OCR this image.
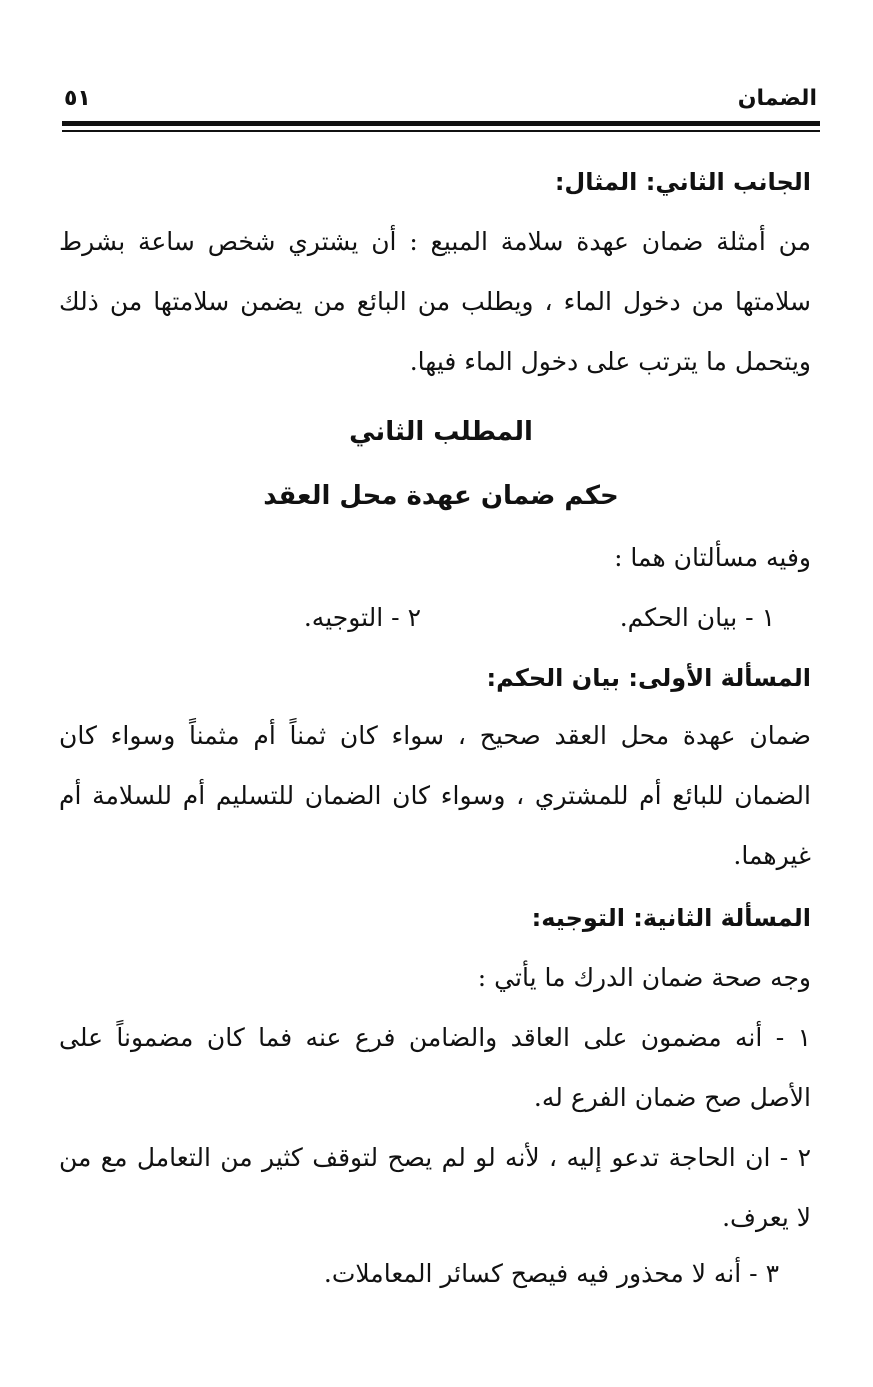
الضمان
٥١
الجانب الثاني: المثال:
من أمثلة ضمان عهدة سلامة المبيع : أن يشتري شخص ساعة بشرط
سلامتها من دخول الماء ، ويطلب من البائع من يضمن سلامتها من ذلك
ويتحمل ما يترتب على دخول الماء فيها.
المطلب الثاني
حكم ضمان عهدة محل العقد
وفيه مسألتان هما :
١ - بيان الحكم.
٢ - التوجيه.
المسألة الأولى: بيان الحكم:
ضمان عهدة محل العقد صحيح ، سواء كان ثمناً أم مثمناً وسواء كان
الضمان للبائع أم للمشتري ، وسواء كان الضمان للتسليم أم للسلامة أم
غيرهما.
المسألة الثانية: التوجيه:
وجه صحة ضمان الدرك ما يأتي :
١ - أنه مضمون على العاقد والضامن فرع عنه فما كان مضموناً على
الأصل صح ضمان الفرع له.
٢ - ان الحاجة تدعو إليه ، لأنه لو لم يصح لتوقف كثير من التعامل مع من
لا يعرف.
٣ - أنه لا محذور فيه فيصح كسائر المعاملات.
